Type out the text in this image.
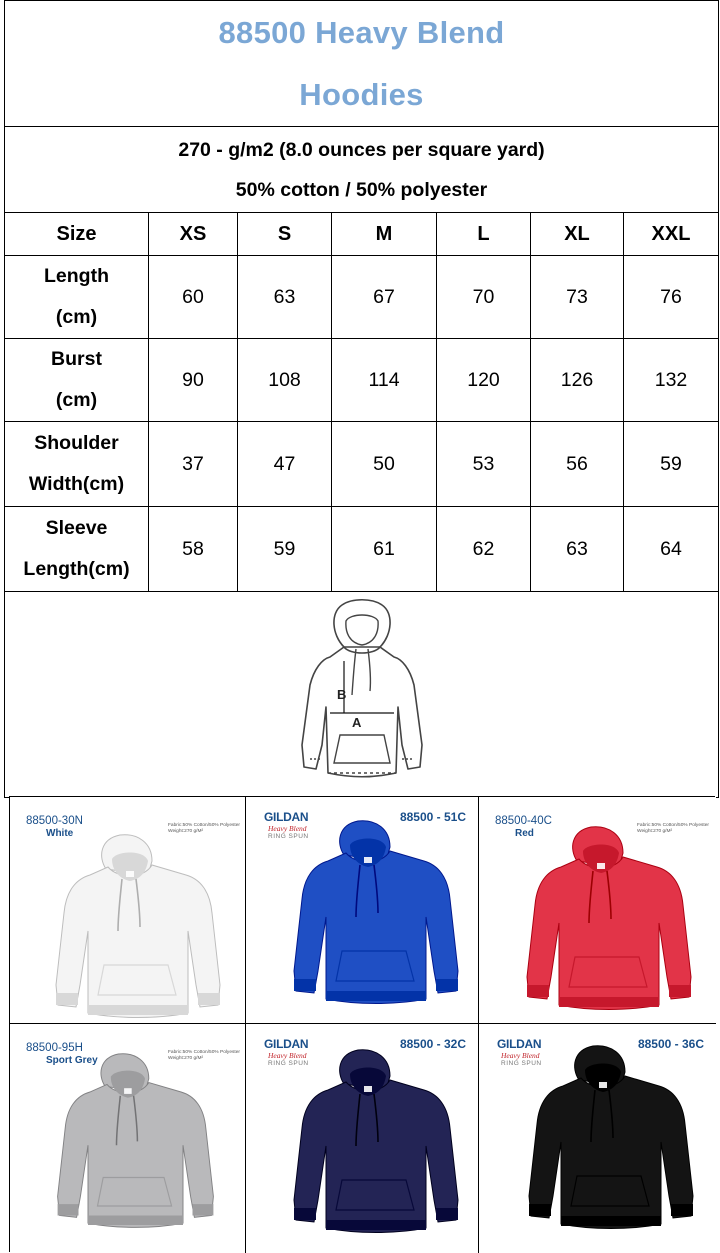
88500 Heavy Blend
Hoodies						

270 - g/m2 (8.0 ounces per square yard)
50% cotton / 50% polyester						

Size	XS	S	M	L	XL	XXL

Length
(cm)	60	63	67	70	73	76

Burst
(cm)	90	108	114	120	126	132

Shoulder
Width(cm)	37	47	50	53	56	59

Sleeve
Length(cm)	58	59	61	62	63	64

A
B						
88500-30N
White
Fabric:50% Cotton/50% Polyester
Weight:270 g/M²
GILDAN
Heavy Blend
RING SPUN
88500 - 51C	88500-40C
Red
Fabric:50% Cotton/50% Polyester
Weight:270 g/M²
88500-95H
Sport Grey
Fabric:50% Cotton/50% Polyester
Weight:270 g/M²
GILDAN
Heavy Blend
RING SPUN
88500 - 32C	GILDAN
Heavy Blend
RING SPUN
88500 - 36C
